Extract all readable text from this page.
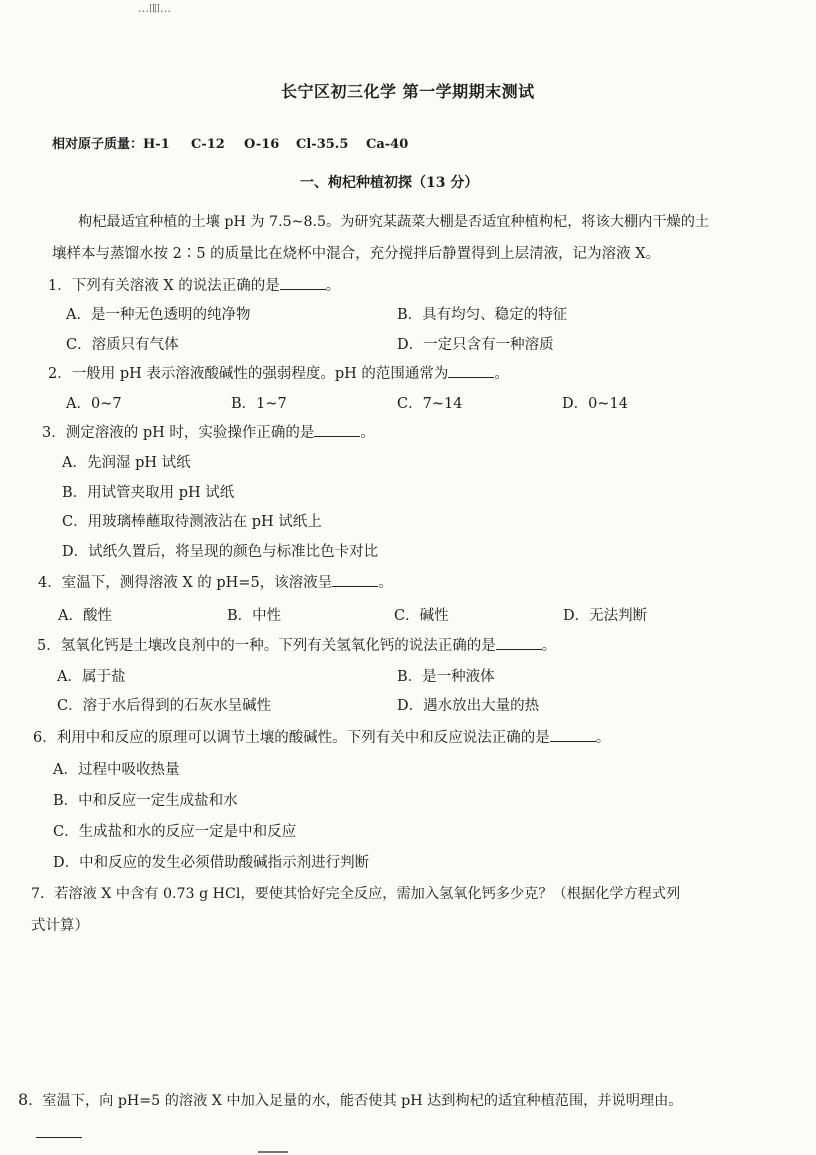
…吅…
长宁区初三化学 第一学期期末测试
相对原子质量：H-1 C-12 O-16 Cl-35.5 Ca-40
一、枸杞种植初探（13 分）
枸杞最适宜种植的土壤 pH 为 7.5~8.5。为研究某蔬菜大棚是否适宜种植枸杞，将该大棚内干燥的土
壤样本与蒸馏水按 2∶5 的质量比在烧杯中混合，充分搅拌后静置得到上层清液，记为溶液 X。
1．下列有关溶液 X 的说法正确的是	。
A．是一种无色透明的纯净物	B．具有均匀、稳定的特征
C．溶质只有气体	D．一定只含有一种溶质
2．一般用 pH 表示溶液酸碱性的强弱程度。pH 的范围通常为	。
A．0~7	B．1~7	C．7~14	D．0~14
3．测定溶液的 pH 时，实验操作正确的是	。
A．先润湿 pH 试纸
B．用试管夹取用 pH 试纸
C．用玻璃棒蘸取待测液沾在 pH 试纸上
D．试纸久置后，将呈现的颜色与标准比色卡对比
4．室温下，测得溶液 X 的 pH=5，该溶液呈	。
A．酸性	B．中性	C．碱性	D．无法判断
5．氢氧化钙是土壤改良剂中的一种。下列有关氢氧化钙的说法正确的是	。
A．属于盐	B．是一种液体
C．溶于水后得到的石灰水呈碱性	D．遇水放出大量的热
6．利用中和反应的原理可以调节土壤的酸碱性。下列有关中和反应说法正确的是	。
A．过程中吸收热量
B．中和反应一定生成盐和水
C．生成盐和水的反应一定是中和反应
D．中和反应的发生必须借助酸碱指示剂进行判断
7．若溶液 X 中含有 0.73 g HCl，要使其恰好完全反应，需加入氢氧化钙多少克？（根据化学方程式列
式计算）
8．室温下，向 pH=5 的溶液 X 中加入足量的水，能否使其 pH 达到枸杞的适宜种植范围，并说明理由。
